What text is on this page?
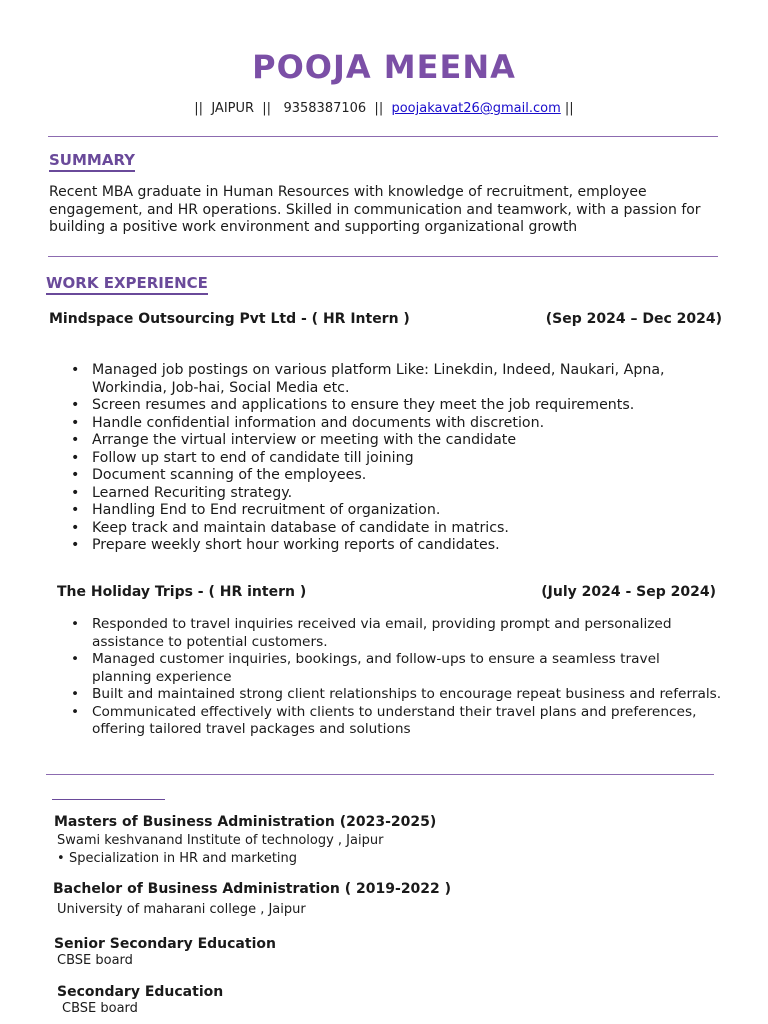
POOJA MEENA
||  JAIPUR  ||   9358387106  ||  poojakavat26@gmail.com ||
SUMMARY
Recent MBA graduate in Human Resources with knowledge of recruitment, employee engagement, and HR operations. Skilled in communication and teamwork, with a passion for building a positive work environment and supporting organizational growth
WORK EXPERIENCE
Mindspace Outsourcing Pvt Ltd - ( HR Intern )	(Sep 2024 – Dec 2024)
• Managed job postings on various platform Like: Linekdin, Indeed, Naukari, Apna, Workindia, Job-hai, Social Media etc.
• Screen resumes and applications to ensure they meet the job requirements.
• Handle confidential information and documents with discretion.
• Arrange the virtual interview or meeting with the candidate
• Follow up start to end of candidate till joining
• Document scanning of the employees.
• Learned Recuriting strategy.
• Handling End to End recruitment of organization.
• Keep track and maintain database of candidate in matrics.
• Prepare weekly short hour working reports of candidates.
The Holiday Trips - ( HR intern )	(July 2024 - Sep 2024)
• Responded to travel inquiries received via email, providing prompt and personalized assistance to potential customers.
• Managed customer inquiries, bookings, and follow-ups to ensure a seamless travel planning experience
• Built and maintained strong client relationships to encourage repeat business and referrals.
• Communicated effectively with clients to understand their travel plans and preferences, offering tailored travel packages and solutions
Masters of Business Administration (2023-2025)
Swami keshvanand Institute of technology , Jaipur
• Specialization in HR and marketing
Bachelor of Business Administration ( 2019-2022 )
University of maharani college , Jaipur
Senior Secondary Education
CBSE board
Secondary Education
CBSE board
